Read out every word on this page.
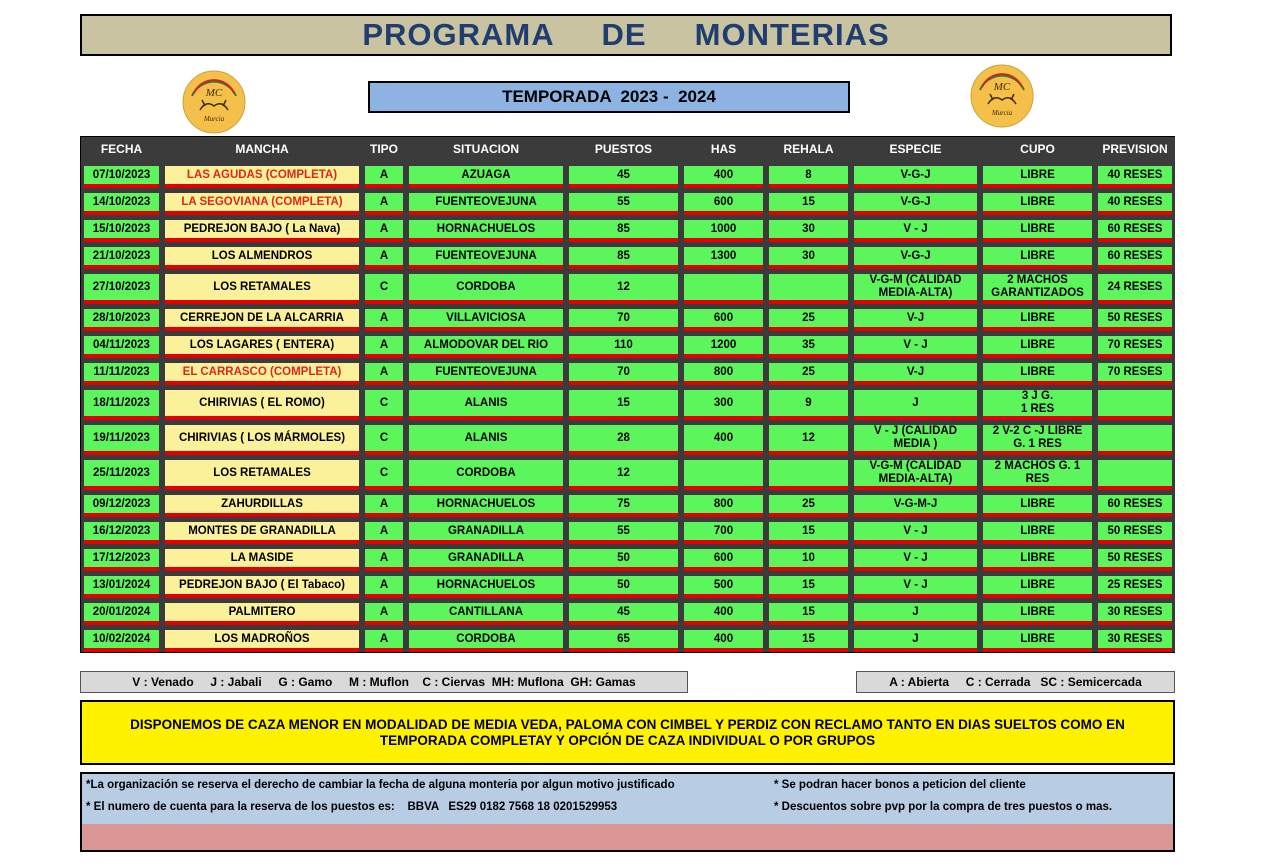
PROGRAMA     DE     MONTERIAS
MC
Murcia
TEMPORADA  2023 -  2024	MC
Murcia
FECHA	MANCHA	TIPO	SITUACION	PUESTOS	HAS	REHALA	ESPECIE	CUPO	PREVISION

07/10/2023	LAS AGUDAS (COMPLETA)	A	AZUAGA	45	400	8	V-G-J	LIBRE	40 RESES

14/10/2023	LA SEGOVIANA (COMPLETA)	A	FUENTEOVEJUNA	55	600	15	V-G-J	LIBRE	40 RESES

15/10/2023	PEDREJON BAJO ( La Nava)	A	HORNACHUELOS	85	1000	30	V - J	LIBRE	60 RESES

21/10/2023	LOS ALMENDROS	A	FUENTEOVEJUNA	85	1300	30	V-G-J	LIBRE	60 RESES

27/10/2023	LOS RETAMALES	C	CORDOBA	12			V-G-M (CALIDAD MEDIA-ALTA)	2 MACHOS GARANTIZADOS	24 RESES

28/10/2023	CERREJON DE LA ALCARRIA	A	VILLAVICIOSA	70	600	25	V-J	LIBRE	50 RESES

04/11/2023	LOS LAGARES ( ENTERA)	A	ALMODOVAR DEL RIO	110	1200	35	V - J	LIBRE	70 RESES

11/11/2023	EL CARRASCO (COMPLETA)	A	FUENTEOVEJUNA	70	800	25	V-J	LIBRE	70 RESES

18/11/2023	CHIRIVIAS ( EL ROMO)	C	ALANIS	15	300	9	J	3 J G.
1 RES	

19/11/2023	CHIRIVIAS ( LOS MÁRMOLES)	C	ALANIS	28	400	12	V - J (CALIDAD MEDIA )	2 V-2 C -J LIBRE G. 1 RES	

25/11/2023	LOS RETAMALES	C	CORDOBA	12			V-G-M (CALIDAD MEDIA-ALTA)	2 MACHOS G. 1 RES	

09/12/2023	ZAHURDILLAS	A	HORNACHUELOS	75	800	25	V-G-M-J	LIBRE	60 RESES

16/12/2023	MONTES DE GRANADILLA	A	GRANADILLA	55	700	15	V - J	LIBRE	50 RESES

17/12/2023	LA MASIDE	A	GRANADILLA	50	600	10	V - J	LIBRE	50 RESES

13/01/2024	PEDREJON BAJO ( El Tabaco)	A	HORNACHUELOS	50	500	15	V - J	LIBRE	25 RESES

20/01/2024	PALMITERO	A	CANTILLANA	45	400	15	J	LIBRE	30 RESES

10/02/2024	LOS MADROÑOS	A	CORDOBA	65	400	15	J	LIBRE	30 RESES
V : Venado     J : Jabali     G : Gamo     M : Muflon    C : Ciervas  MH: Muflona  GH: Gamas	A : Abierta     C : Cerrada   SC : Semicercada
DISPONEMOS DE CAZA MENOR EN MODALIDAD DE MEDIA VEDA, PALOMA CON CIMBEL Y PERDIZ CON RECLAMO TANTO EN DIAS SUELTOS COMO EN TEMPORADA COMPLETAY Y OPCIÓN DE CAZA INDIVIDUAL O POR GRUPOS
*La organización se reserva el derecho de cambiar la fecha de alguna monteria por algun motivo justificado
* El numero de cuenta para la reserva de los puestos es:    BBVA   ES29 0182 7568 18 0201529953
* Se podran hacer bonos a peticion del cliente
* Descuentos sobre pvp por la compra de tres puestos o mas.
